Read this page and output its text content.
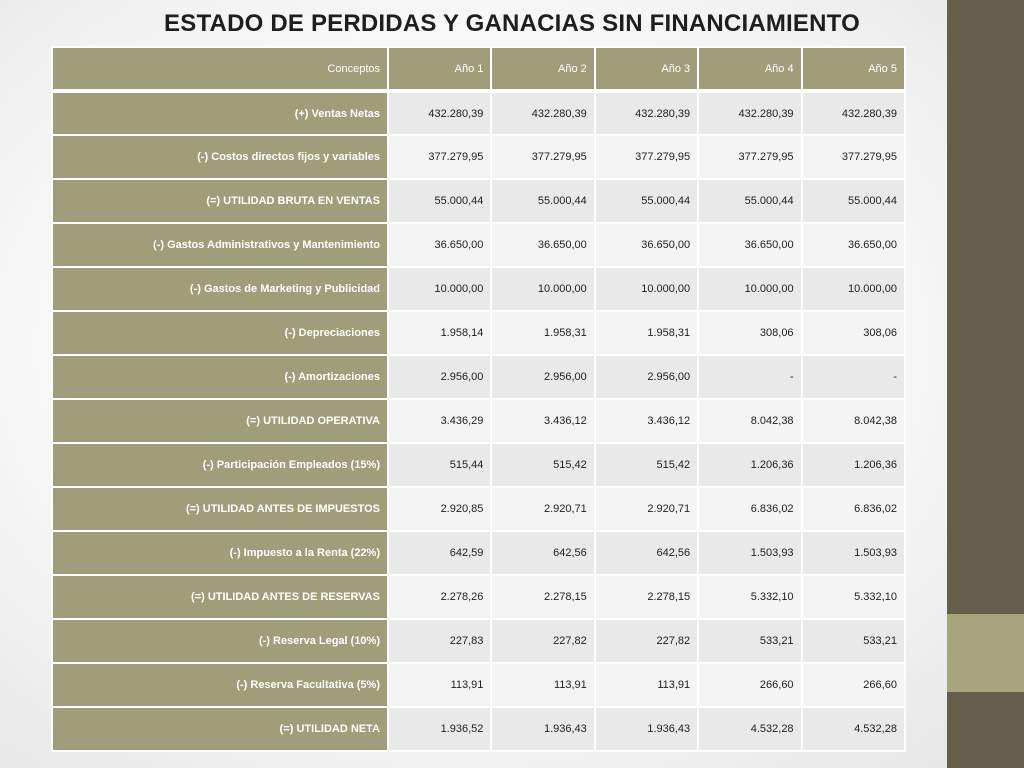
ESTADO DE PERDIDAS Y GANACIAS SIN FINANCIAMIENTO
Conceptos	Año 1	Año 2	Año 3	Año 4	Año 5
(+) Ventas Netas	432.280,39	432.280,39	432.280,39	432.280,39	432.280,39
(-) Costos directos fijos y variables	377.279,95	377.279,95	377.279,95	377.279,95	377.279,95
(=) UTILIDAD BRUTA EN VENTAS	55.000,44	55.000,44	55.000,44	55.000,44	55.000,44
(-) Gastos Administrativos y Mantenimiento	36.650,00	36.650,00	36.650,00	36.650,00	36.650,00
(-) Gastos de Marketing y Publicidad	10.000,00	10.000,00	10.000,00	10.000,00	10.000,00
(-) Depreciaciones	1.958,14	1.958,31	1.958,31	308,06	308,06
(-) Amortizaciones	2.956,00	2.956,00	2.956,00	-	-
(=) UTILIDAD OPERATIVA	3.436,29	3.436,12	3.436,12	8.042,38	8.042,38
(-) Participación Empleados (15%)	515,44	515,42	515,42	1.206,36	1.206,36
(=) UTILIDAD ANTES DE IMPUESTOS	2.920,85	2.920,71	2.920,71	6.836,02	6.836,02
(-) Impuesto a la Renta (22%)	642,59	642,56	642,56	1.503,93	1.503,93
(=) UTILIDAD ANTES DE RESERVAS	2.278,26	2.278,15	2.278,15	5.332,10	5.332,10
(-) Reserva Legal (10%)	227,83	227,82	227,82	533,21	533,21
(-) Reserva Facultativa (5%)	113,91	113,91	113,91	266,60	266,60
(=) UTILIDAD NETA	1.936,52	1.936,43	1.936,43	4.532,28	4.532,28
